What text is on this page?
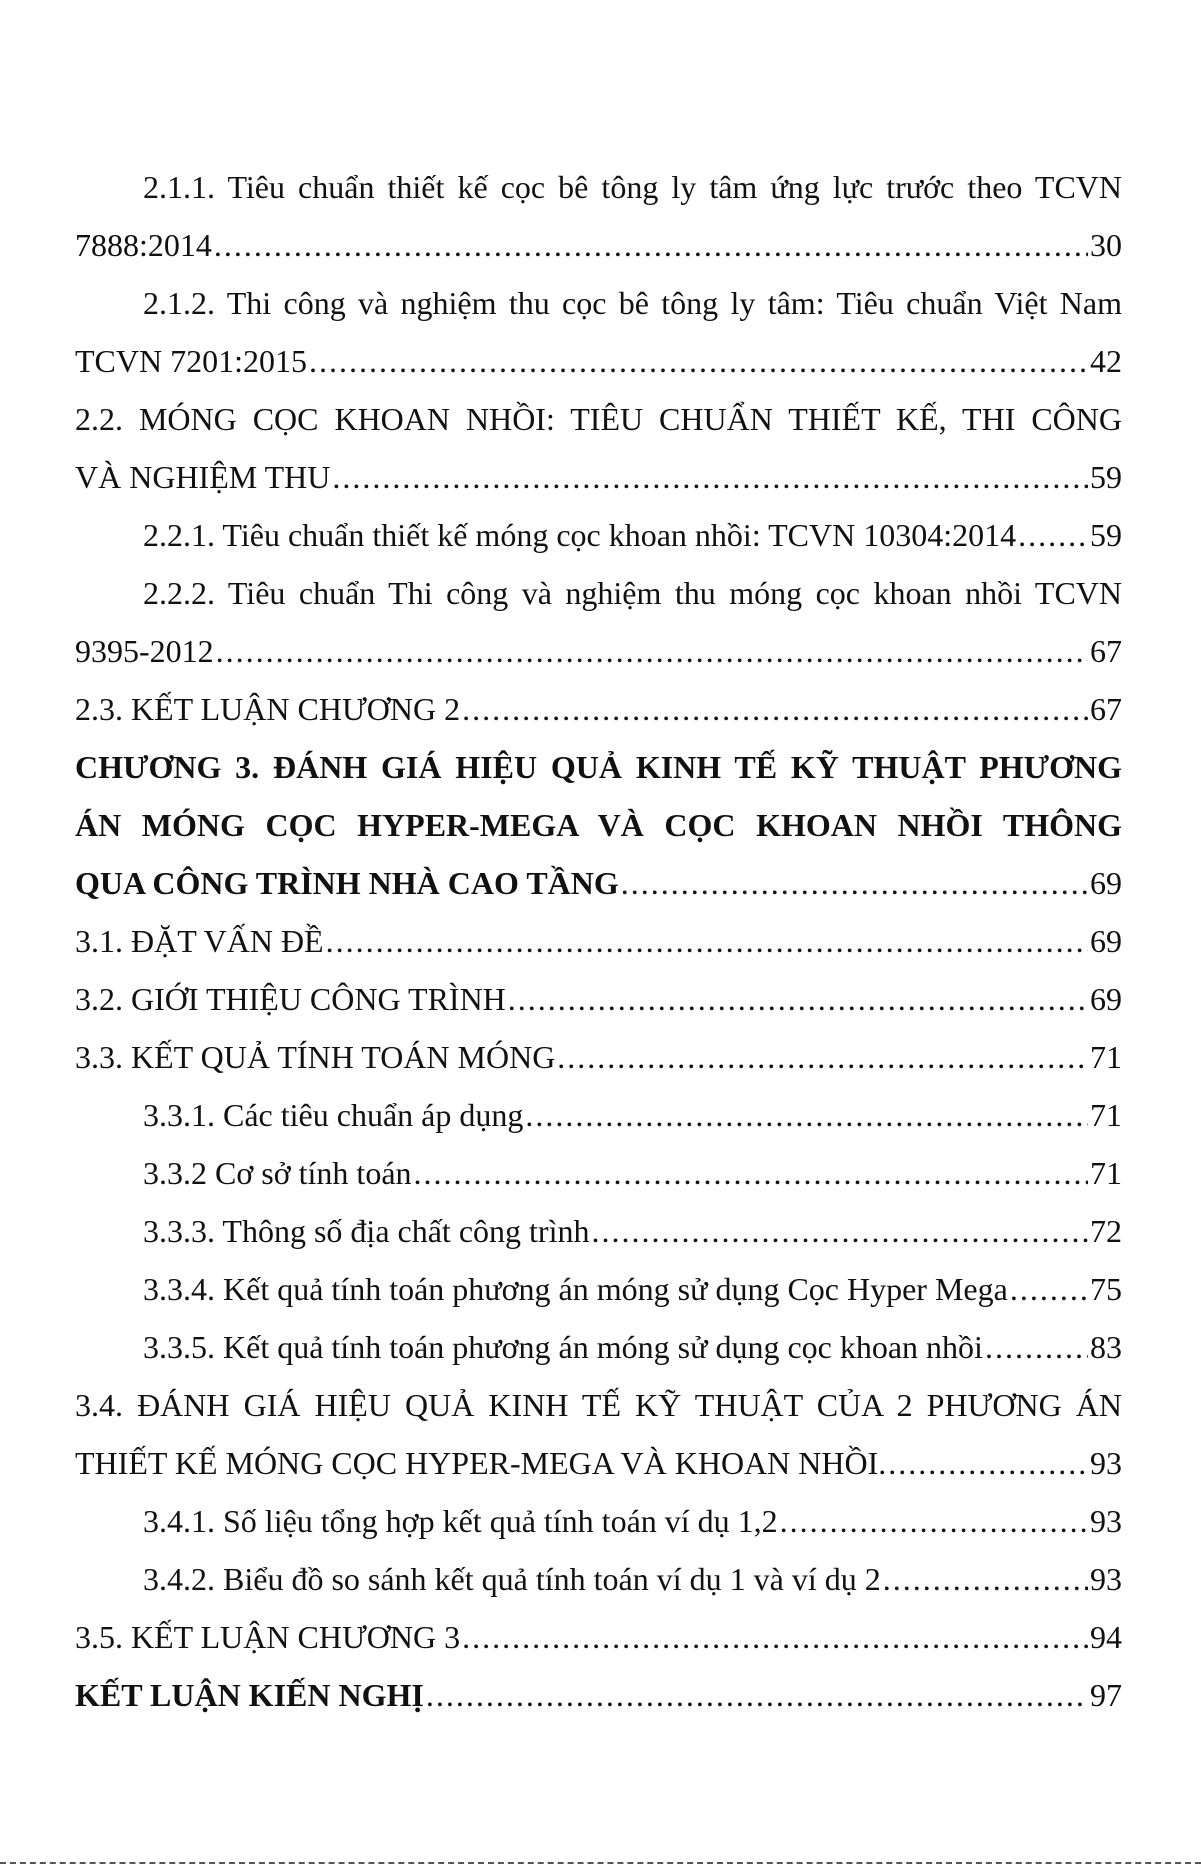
2.1.1. Tiêu chuẩn thiết kế cọc bê tông ly tâm ứng lực trước theo TCVN
7888:2014 .....	30
2.1.2. Thi công và nghiệm thu cọc bê tông ly tâm: Tiêu chuẩn Việt Nam
TCVN 7201:2015 .....	42
2.2. MÓNG CỌC KHOAN NHỒI: TIÊU CHUẨN THIẾT KẾ, THI CÔNG
VÀ NGHIỆM THU .....	59
2.2.1. Tiêu chuẩn thiết kế móng cọc khoan nhồi: TCVN 10304:2014 ..... 59
2.2.2. Tiêu chuẩn Thi công và nghiệm thu móng cọc khoan nhồi TCVN
9395-2012 .....	67
2.3. KẾT LUẬN CHƯƠNG 2 .....	67
CHƯƠNG 3. ĐÁNH GIÁ HIỆU QUẢ KINH TẾ KỸ THUẬT PHƯƠNG
ÁN MÓNG CỌC HYPER-MEGA VÀ CỌC KHOAN NHỒI THÔNG
QUA CÔNG TRÌNH NHÀ CAO TẦNG .....	69
3.1. ĐẶT VẤN ĐỀ .....	69
3.2. GIỚI THIỆU CÔNG TRÌNH .....	69
3.3. KẾT QUẢ TÍNH TOÁN MÓNG .....	71
3.3.1. Các tiêu chuẩn áp dụng .....	71
3.3.2 Cơ sở tính toán .....	71
3.3.3. Thông số địa chất công trình .....	72
3.3.4. Kết quả tính toán phương án móng sử dụng Cọc Hyper Mega .....	75
3.3.5. Kết quả tính toán phương án móng sử dụng cọc khoan nhồi .....	83
3.4. ĐÁNH GIÁ HIỆU QUẢ KINH TẾ KỸ THUẬT CỦA 2 PHƯƠNG ÁN
THIẾT KẾ MÓNG CỌC HYPER-MEGA VÀ KHOAN NHỒI. .....	93
3.4.1. Số liệu tổng hợp kết quả tính toán ví dụ 1,2 .....	93
3.4.2. Biểu đồ so sánh kết quả tính toán ví dụ 1 và ví dụ 2 .....	93
3.5. KẾT LUẬN CHƯƠNG 3 .....	94
KẾT LUẬN KIẾN NGHỊ .....	97
